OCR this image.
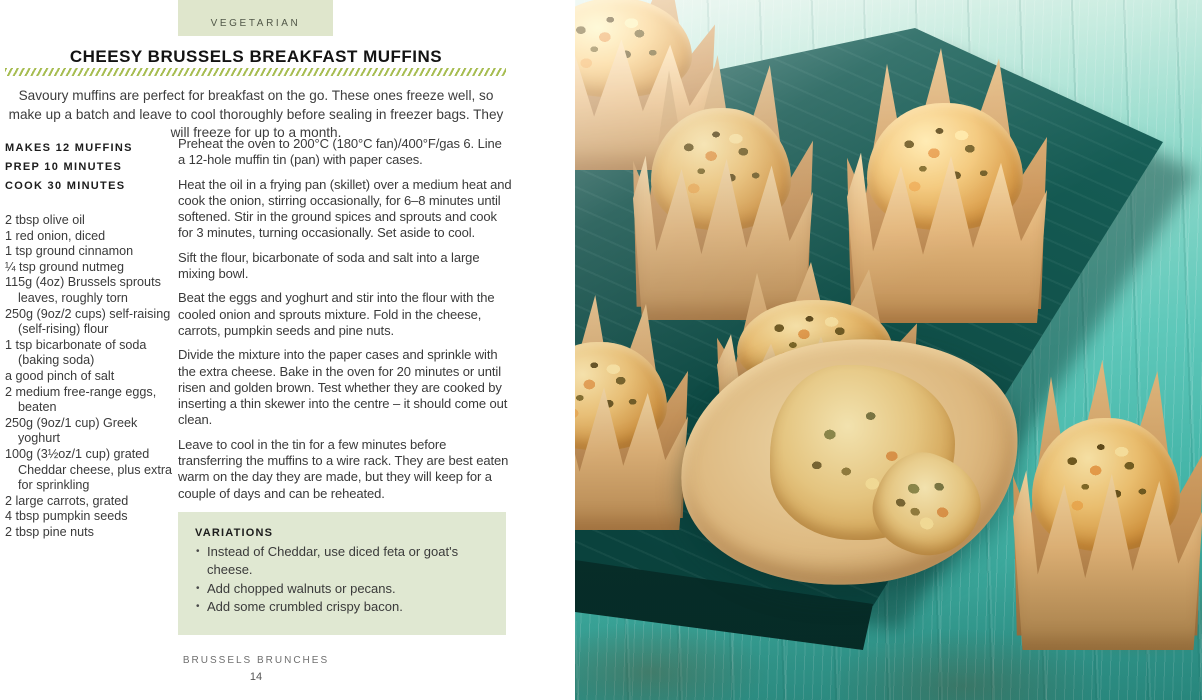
VEGETARIAN
CHEESY BRUSSELS BREAKFAST MUFFINS

Savoury muffins are perfect for breakfast on the go. These ones freeze well, so make up a batch and leave to cool thoroughly before sealing in freezer bags. They will freeze for up to a month.

MAKES 12 MUFFINS
PREP 10 MINUTES
COOK 30 MINUTES
2 tbsp olive oil
1 red onion, diced
1 tsp ground cinnamon
¼ tsp ground nutmeg
115g (4oz) Brussels sprouts leaves, roughly torn
250g (9oz/2 cups) self-raising (self-rising) flour
1 tsp bicarbonate of soda (baking soda)
a good pinch of salt
2 medium free-range eggs, beaten
250g (9oz/1 cup) Greek yoghurt
100g (3½oz/1 cup) grated Cheddar cheese, plus extra for sprinkling
2 large carrots, grated
4 tbsp pumpkin seeds
2 tbsp pine nuts
Preheat the oven to 200°C (180°C fan)/400°F/gas 6. Line a 12-hole muffin tin (pan) with paper cases.
Heat the oil in a frying pan (skillet) over a medium heat and cook the onion, stirring occasionally, for 6–8 minutes until softened. Stir in the ground spices and sprouts and cook for 3 minutes, turning occasionally. Set aside to cool.
Sift the flour, bicarbonate of soda and salt into a large mixing bowl.
Beat the eggs and yoghurt and stir into the flour with the cooled onion and sprouts mixture. Fold in the cheese, carrots, pumpkin seeds and pine nuts.
Divide the mixture into the paper cases and sprinkle with the extra cheese. Bake in the oven for 20 minutes or until risen and golden brown. Test whether they are cooked by inserting a thin skewer into the centre – it should come out clean.
Leave to cool in the tin for a few minutes before transferring the muffins to a wire rack. They are best eaten warm on the day they are made, but they will keep for a couple of days and can be reheated.
VARIATIONS
• Instead of Cheddar, use diced feta or goat's cheese.
• Add chopped walnuts or pecans.
• Add some crumbled crispy bacon.
BRUSSELS BRUNCHES
14
